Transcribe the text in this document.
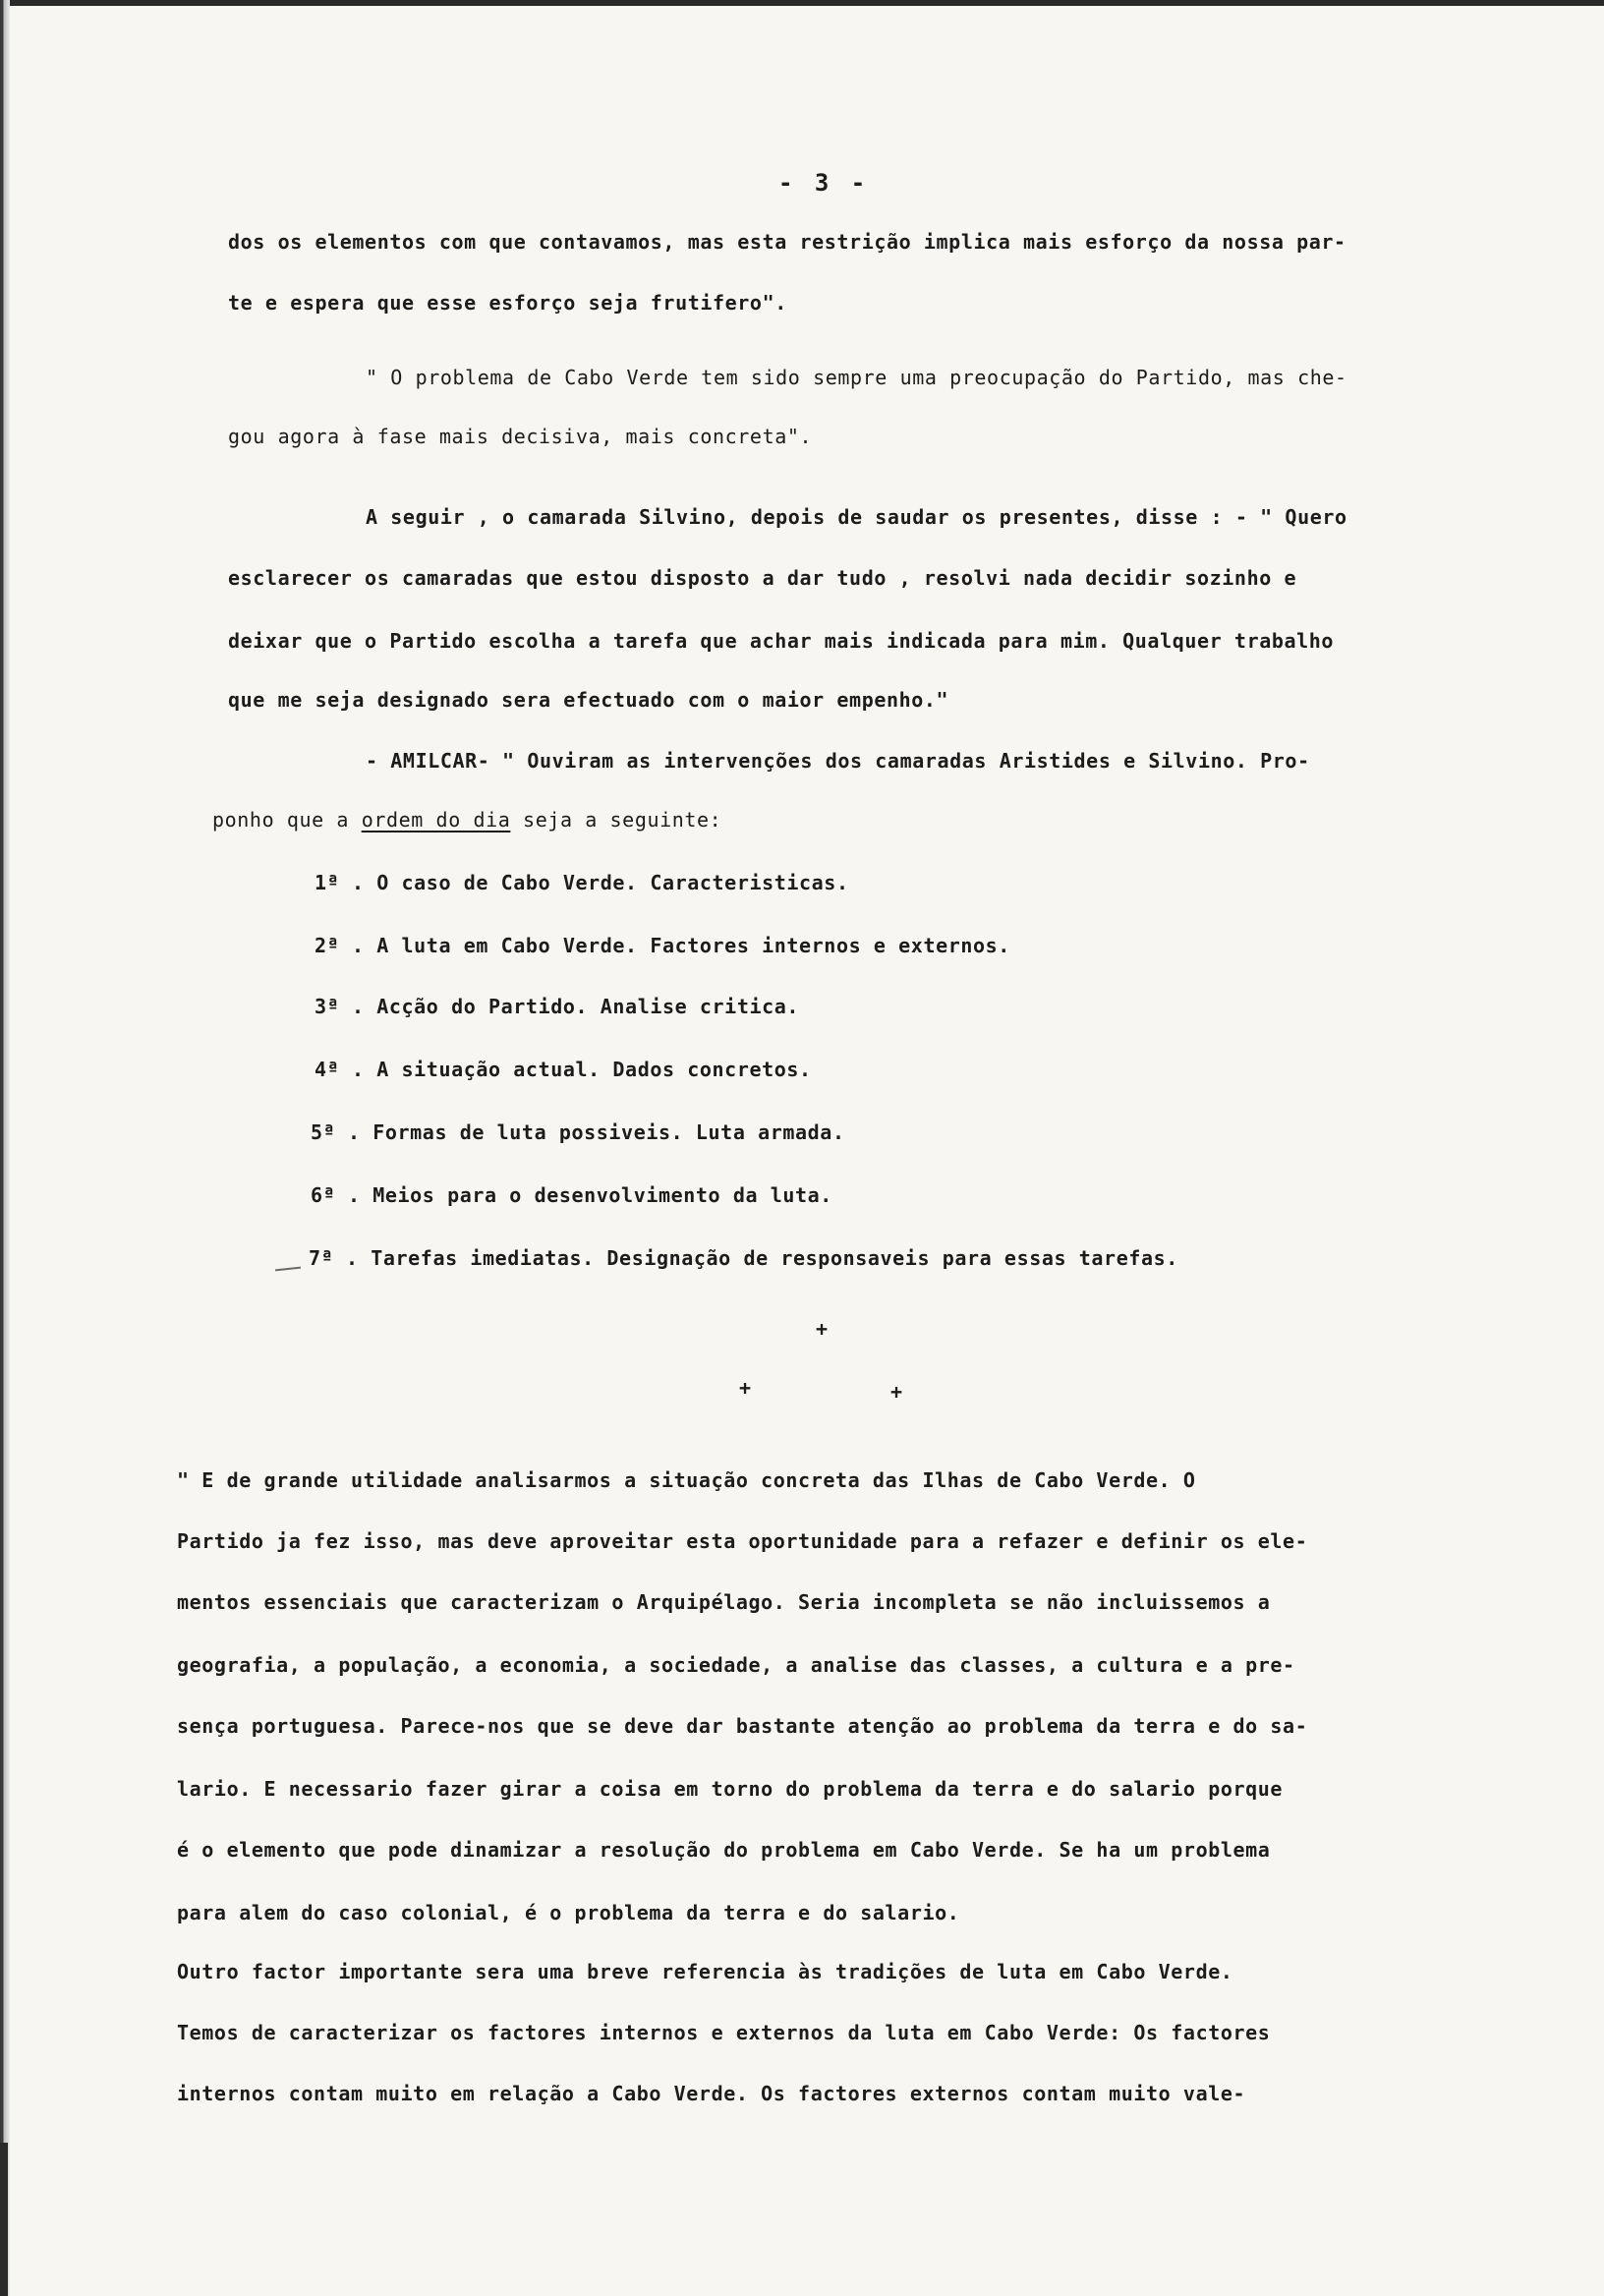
- 3 -
dos os elementos com que contavamos, mas esta restrição implica mais esforço da nossa par-
te e espera que esse esforço seja frutifero".
" O problema de Cabo Verde tem sido sempre uma preocupação do Partido, mas che-
gou agora à fase mais decisiva, mais concreta".
A seguir , o camarada Silvino, depois de saudar os presentes, disse : - " Quero
esclarecer os camaradas que estou disposto a dar tudo , resolvi nada decidir sozinho e
deixar que o Partido escolha a tarefa que achar mais indicada para mim. Qualquer trabalho
que me seja designado sera efectuado com o maior empenho."
- AMILCAR- " Ouviram as intervenções dos camaradas Aristides e Silvino. Pro-
ponho que a ordem do dia seja a seguinte:
1ª . O caso de Cabo Verde. Caracteristicas.
2ª . A luta em Cabo Verde. Factores internos e externos.
3ª . Acção do Partido. Analise critica.
4ª . A situação actual. Dados concretos.
5ª . Formas de luta possiveis. Luta armada.
6ª . Meios para o desenvolvimento da luta.
7ª . Tarefas imediatas. Designação de responsaveis para essas tarefas.
+
+	+
" E de grande utilidade analisarmos a situação concreta das Ilhas de Cabo Verde. O
Partido ja fez isso, mas deve aproveitar esta oportunidade para a refazer e definir os ele-
mentos essenciais que caracterizam o Arquipélago. Seria incompleta se não incluissemos a
geografia, a população, a economia, a sociedade, a analise das classes, a cultura e a pre-
sença portuguesa. Parece-nos que se deve dar bastante atenção ao problema da terra e do sa-
lario. E necessario fazer girar a coisa em torno do problema da terra e do salario porque
é o elemento que pode dinamizar a resolução do problema em Cabo Verde. Se ha um problema
para alem do caso colonial, é o problema da terra e do salario.
Outro factor importante sera uma breve referencia às tradições de luta em Cabo Verde.
Temos de caracterizar os factores internos e externos da luta em Cabo Verde: Os factores
internos contam muito em relação a Cabo Verde. Os factores externos contam muito vale-
